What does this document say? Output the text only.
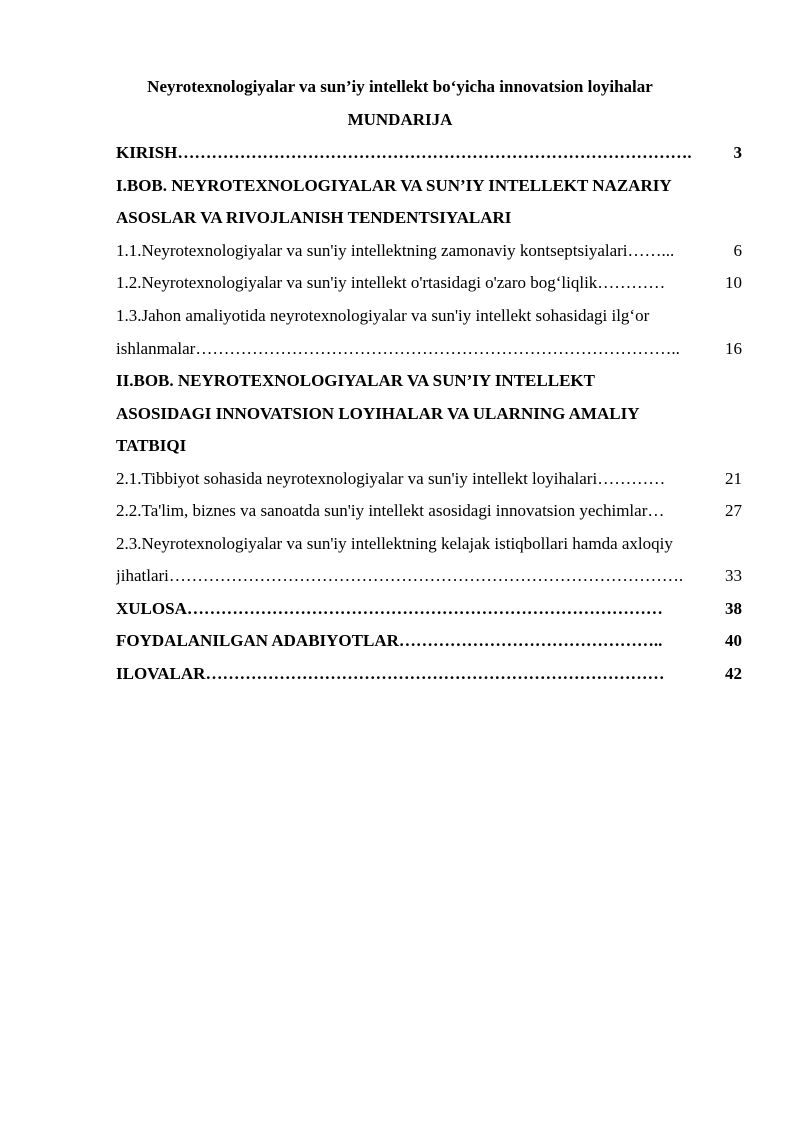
Neyrotexnologiyalar va sun’iy intellekt bo‘yicha innovatsion loyihalar
MUNDARIJA
KIRISH ……………………………………………………………………………….	3
I.BOB. NEYROTEXNOLOGIYALAR VA SUN’IY INTELLEKT NAZARIY
ASOSLAR VA RIVOJLANISH TENDENTSIYALARI
1.1.Neyrotexnologiyalar va sun'iy intellektning zamonaviy kontseptsiyalari ……...	6
1.2.Neyrotexnologiyalar va sun'iy intellekt o'rtasidagi o'zaro bog‘liqlik …………	10
1.3.Jahon amaliyotida neyrotexnologiyalar va sun'iy intellekt sohasidagi ilg‘or
ishlanmalar …………………………………………………………………………..	16
II.BOB. NEYROTEXNOLOGIYALAR VA SUN’IY INTELLEKT
ASOSIDAGI INNOVATSION LOYIHALAR VA ULARNING AMALIY
TATBIQI
2.1.Tibbiyot sohasida neyrotexnologiyalar va sun'iy intellekt loyihalari …………	21
2.2.Ta'lim, biznes va sanoatda sun'iy intellekt asosidagi innovatsion yechimlar …	27
2.3.Neyrotexnologiyalar va sun'iy intellektning kelajak istiqbollari hamda axloqiy
jihatlari ……………………………………………………………………………….	33
XULOSA …………………………………………………………………………	38
FOYDALANILGAN ADABIYOTLAR ………………………………………..	40
ILOVALAR ………………………………………………………………………	42
